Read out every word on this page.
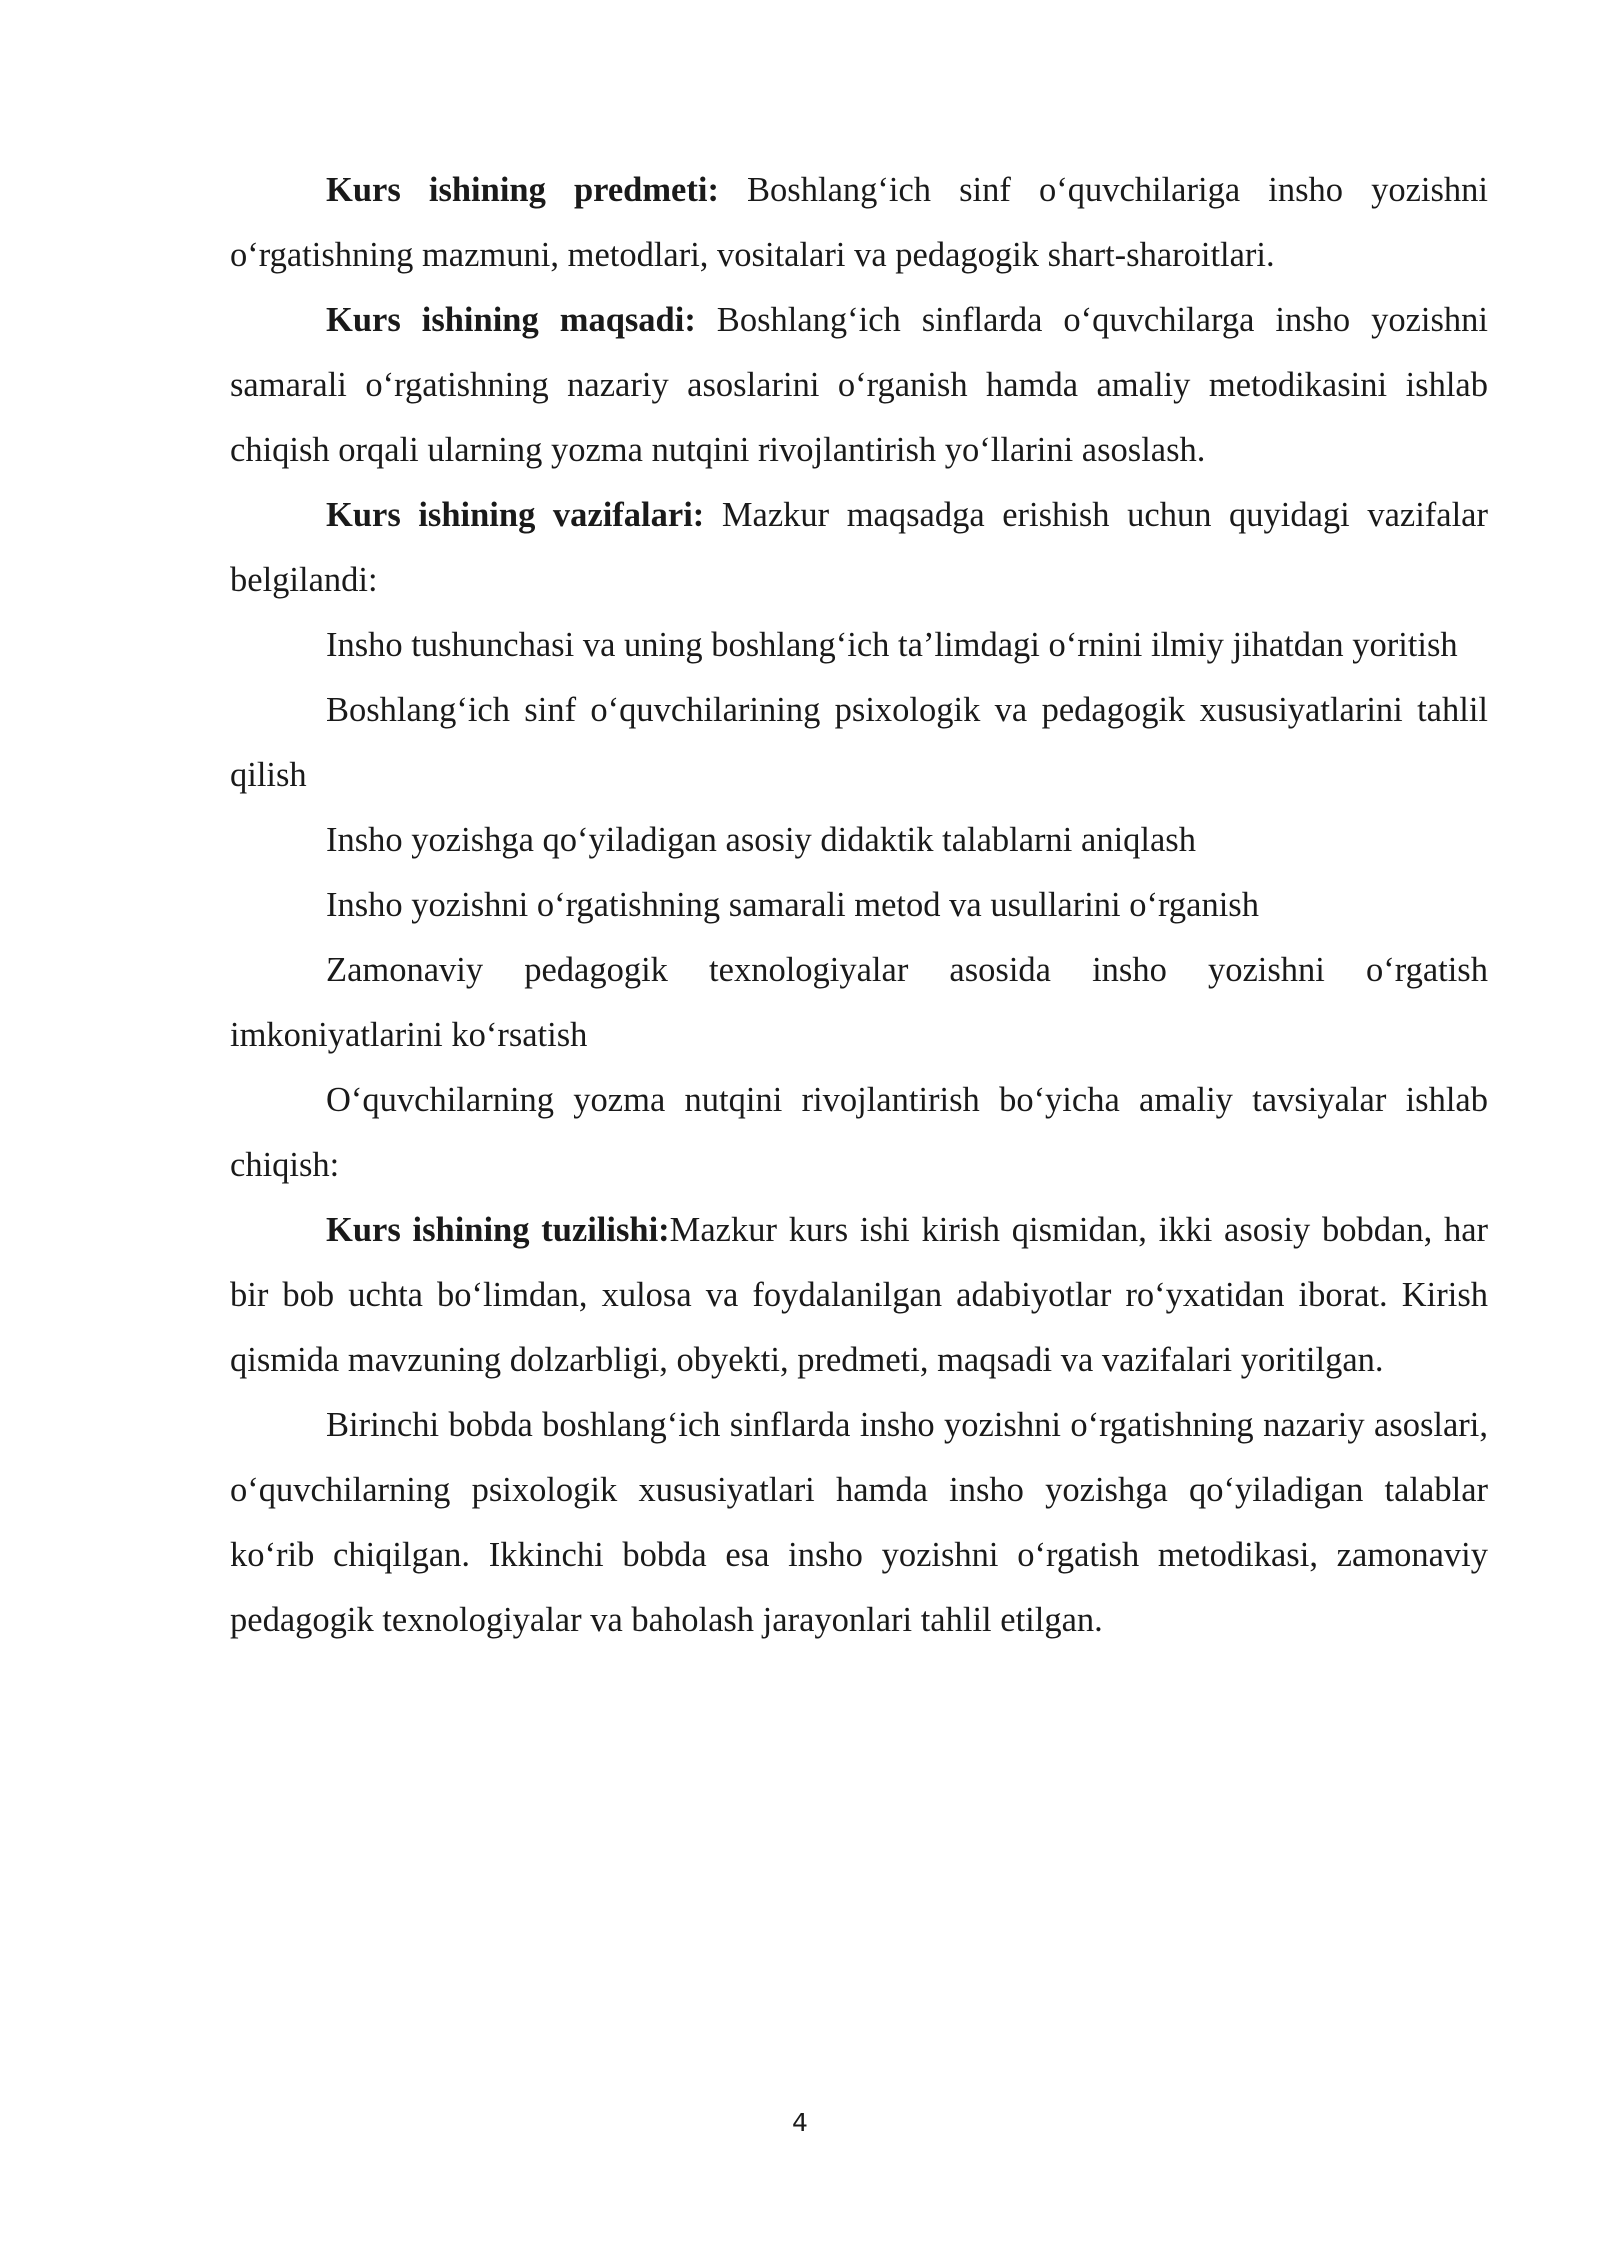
Kurs ishining predmeti: Boshlang‘ich sinf o‘quvchilariga insho yozishni o‘rgatishning mazmuni, metodlari, vositalari va pedagogik shart-sharoitlari.

Kurs ishining maqsadi: Boshlang‘ich sinflarda o‘quvchilarga insho yozishni samarali o‘rgatishning nazariy asoslarini o‘rganish hamda amaliy metodikasini ishlab chiqish orqali ularning yozma nutqini rivojlantirish yo‘llarini asoslash.

Kurs ishining vazifalari: Mazkur maqsadga erishish uchun quyidagi vazifalar belgilandi:

Insho tushunchasi va uning boshlang‘ich ta’limdagi o‘rnini ilmiy jihatdan yoritish

Boshlang‘ich sinf o‘quvchilarining psixologik va pedagogik xususiyatlarini tahlil qilish

Insho yozishga qo‘yiladigan asosiy didaktik talablarni aniqlash

Insho yozishni o‘rgatishning samarali metod va usullarini o‘rganish

Zamonaviy pedagogik texnologiyalar asosida insho yozishni o‘rgatish imkoniyatlarini ko‘rsatish

O‘quvchilarning yozma nutqini rivojlantirish bo‘yicha amaliy tavsiyalar ishlab chiqish:

Kurs ishining tuzilishi:Mazkur kurs ishi kirish qismidan, ikki asosiy bobdan, har bir bob uchta bo‘limdan, xulosa va foydalanilgan adabiyotlar ro‘yxatidan iborat. Kirish qismida mavzuning dolzarbligi, obyekti, predmeti, maqsadi va vazifalari yoritilgan.

Birinchi bobda boshlang‘ich sinflarda insho yozishni o‘rgatishning nazariy asoslari, o‘quvchilarning psixologik xususiyatlari hamda insho yozishga qo‘yiladigan talablar ko‘rib chiqilgan. Ikkinchi bobda esa insho yozishni o‘rgatish metodikasi, zamonaviy pedagogik texnologiyalar va baholash jarayonlari tahlil etilgan.

4
